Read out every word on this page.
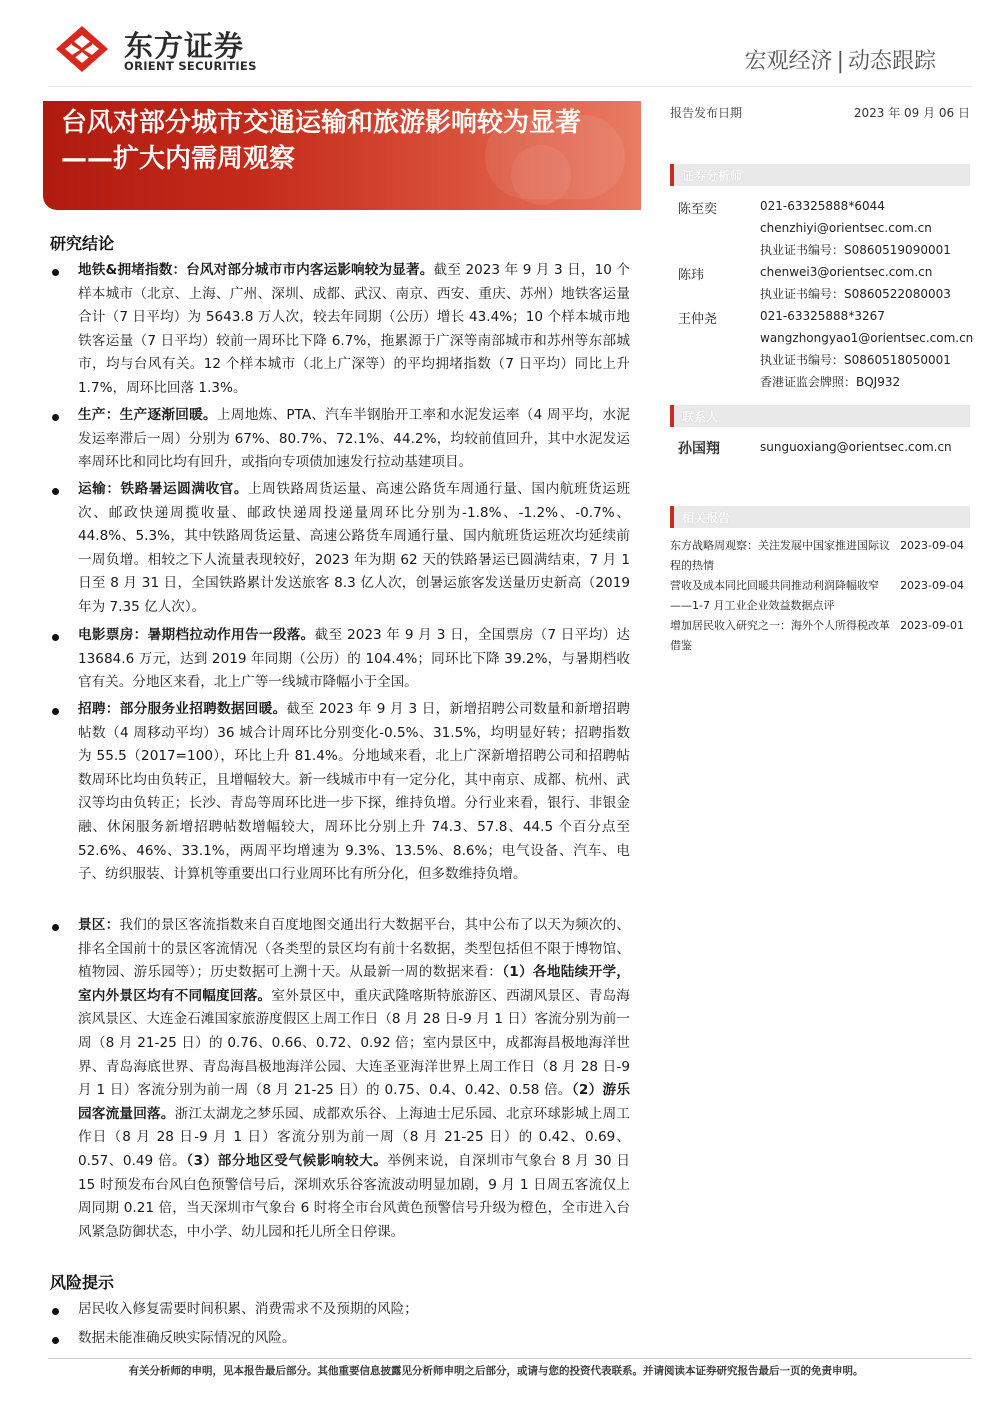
东方证券
ORIENT SECURITIES	宏观经济 | 动态跟踪
台风对部分城市交通运输和旅游影响较为显著——扩大内需周观察
报告发布日期	2023 年 09 月 06 日
证券分析师
陈至奕	021-63325888*6044
chenzhiyi@orientsec.com.cn
执业证书编号：S0860519090001
陈玮	chenwei3@orientsec.com.cn
执业证书编号：S0860522080003
王仲尧	021-63325888*3267
wangzhongyao1@orientsec.com.cn
执业证书编号：S0860518050001
香港证监会牌照：BQJ932
联系人
孙国翔	sunguoxiang@orientsec.com.cn
相关报告
东方战略周观察：关注发展中国家推进国际议程的热情
2023-09-04
营收及成本同比回暖共同推动利润降幅收窄——1-7 月工业企业效益数据点评
2023-09-04
增加居民收入研究之一：海外个人所得税改革借鉴
2023-09-01
研究结论
地铁&拥堵指数：台风对部分城市市内客运影响较为显著。截至 2023 年 9 月 3 日，10 个样本城市（北京、上海、广州、深圳、成都、武汉、南京、西安、重庆、苏州）地铁客运量合计（7 日平均）为 5643.8 万人次，较去年同期（公历）增长 43.4%；10 个样本城市地铁客运量（7 日平均）较前一周环比下降 6.7%，拖累源于广深等南部城市和苏州等东部城市，均与台风有关。12 个样本城市（北上广深等）的平均拥堵指数（7 日平均）同比上升 1.7%，周环比回落 1.3%。
生产：生产逐渐回暖。上周地炼、PTA、汽车半钢胎开工率和水泥发运率（4 周平均，水泥发运率滞后一周）分别为 67%、80.7%、72.1%、44.2%，均较前值回升，其中水泥发运率周环比和同比均有回升，或指向专项债加速发行拉动基建项目。
运输：铁路暑运圆满收官。上周铁路周货运量、高速公路货车周通行量、国内航班货运班次、邮政快递周揽收量、邮政快递周投递量周环比分别为-1.8%、-1.2%、-0.7%、44.8%、5.3%，其中铁路周货运量、高速公路货车周通行量、国内航班货运班次均延续前一周负增。相较之下人流量表现较好，2023 年为期 62 天的铁路暑运已圆满结束，7 月 1 日至 8 月 31 日，全国铁路累计发送旅客 8.3 亿人次，创暑运旅客发送量历史新高（2019 年为 7.35 亿人次）。
电影票房：暑期档拉动作用告一段落。截至 2023 年 9 月 3 日，全国票房（7 日平均）达 13684.6 万元，达到 2019 年同期（公历）的 104.4%；同环比下降 39.2%，与暑期档收官有关。分地区来看，北上广等一线城市降幅小于全国。
招聘：部分服务业招聘数据回暖。截至 2023 年 9 月 3 日，新增招聘公司数量和新增招聘帖数（4 周移动平均）36 城合计周环比分别变化-0.5%、31.5%，均明显好转；招聘指数为 55.5（2017=100），环比上升 81.4%。分地域来看，北上广深新增招聘公司和招聘帖数周环比均由负转正，且增幅较大。新一线城市中有一定分化，其中南京、成都、杭州、武汉等均由负转正；长沙、青岛等周环比进一步下探，维持负增。分行业来看，银行、非银金融、休闲服务新增招聘帖数增幅较大，周环比分别上升 74.3、57.8、44.5 个百分点至 52.6%、46%、33.1%，两周平均增速为 9.3%、13.5%、8.6%；电气设备、汽车、电子、纺织服装、计算机等重要出口行业周环比有所分化，但多数维持负增。
景区：我们的景区客流指数来自百度地图交通出行大数据平台，其中公布了以天为频次的、排名全国前十的景区客流情况（各类型的景区均有前十名数据，类型包括但不限于博物馆、植物园、游乐园等）；历史数据可上溯十天。从最新一周的数据来看：（1）各地陆续开学，室内外景区均有不同幅度回落。室外景区中，重庆武隆喀斯特旅游区、西湖风景区、青岛海滨风景区、大连金石滩国家旅游度假区上周工作日（8 月 28 日-9 月 1 日）客流分别为前一周（8 月 21-25 日）的 0.76、0.66、0.72、0.92 倍；室内景区中，成都海昌极地海洋世界、青岛海底世界、青岛海昌极地海洋公园、大连圣亚海洋世界上周工作日（8 月 28 日-9 月 1 日）客流分别为前一周（8 月 21-25 日）的 0.75、0.4、0.42、0.58 倍。（2）游乐园客流量回落。浙江太湖龙之梦乐园、成都欢乐谷、上海迪士尼乐园、北京环球影城上周工作日（8 月 28 日-9 月 1 日）客流分别为前一周（8 月 21-25 日）的 0.42、0.69、0.57、0.49 倍。（3）部分地区受气候影响较大。举例来说，自深圳市气象台 8 月 30 日 15 时预发布台风白色预警信号后，深圳欢乐谷客流波动明显加剧，9 月 1 日周五客流仅上周同期 0.21 倍，当天深圳市气象台 6 时将全市台风黄色预警信号升级为橙色，全市进入台风紧急防御状态，中小学、幼儿园和托儿所全日停课。
风险提示
居民收入修复需要时间积累、消费需求不及预期的风险；
数据未能准确反映实际情况的风险。
有关分析师的申明，见本报告最后部分。其他重要信息披露见分析师申明之后部分，或请与您的投资代表联系。并请阅读本证券研究报告最后一页的免责申明。
